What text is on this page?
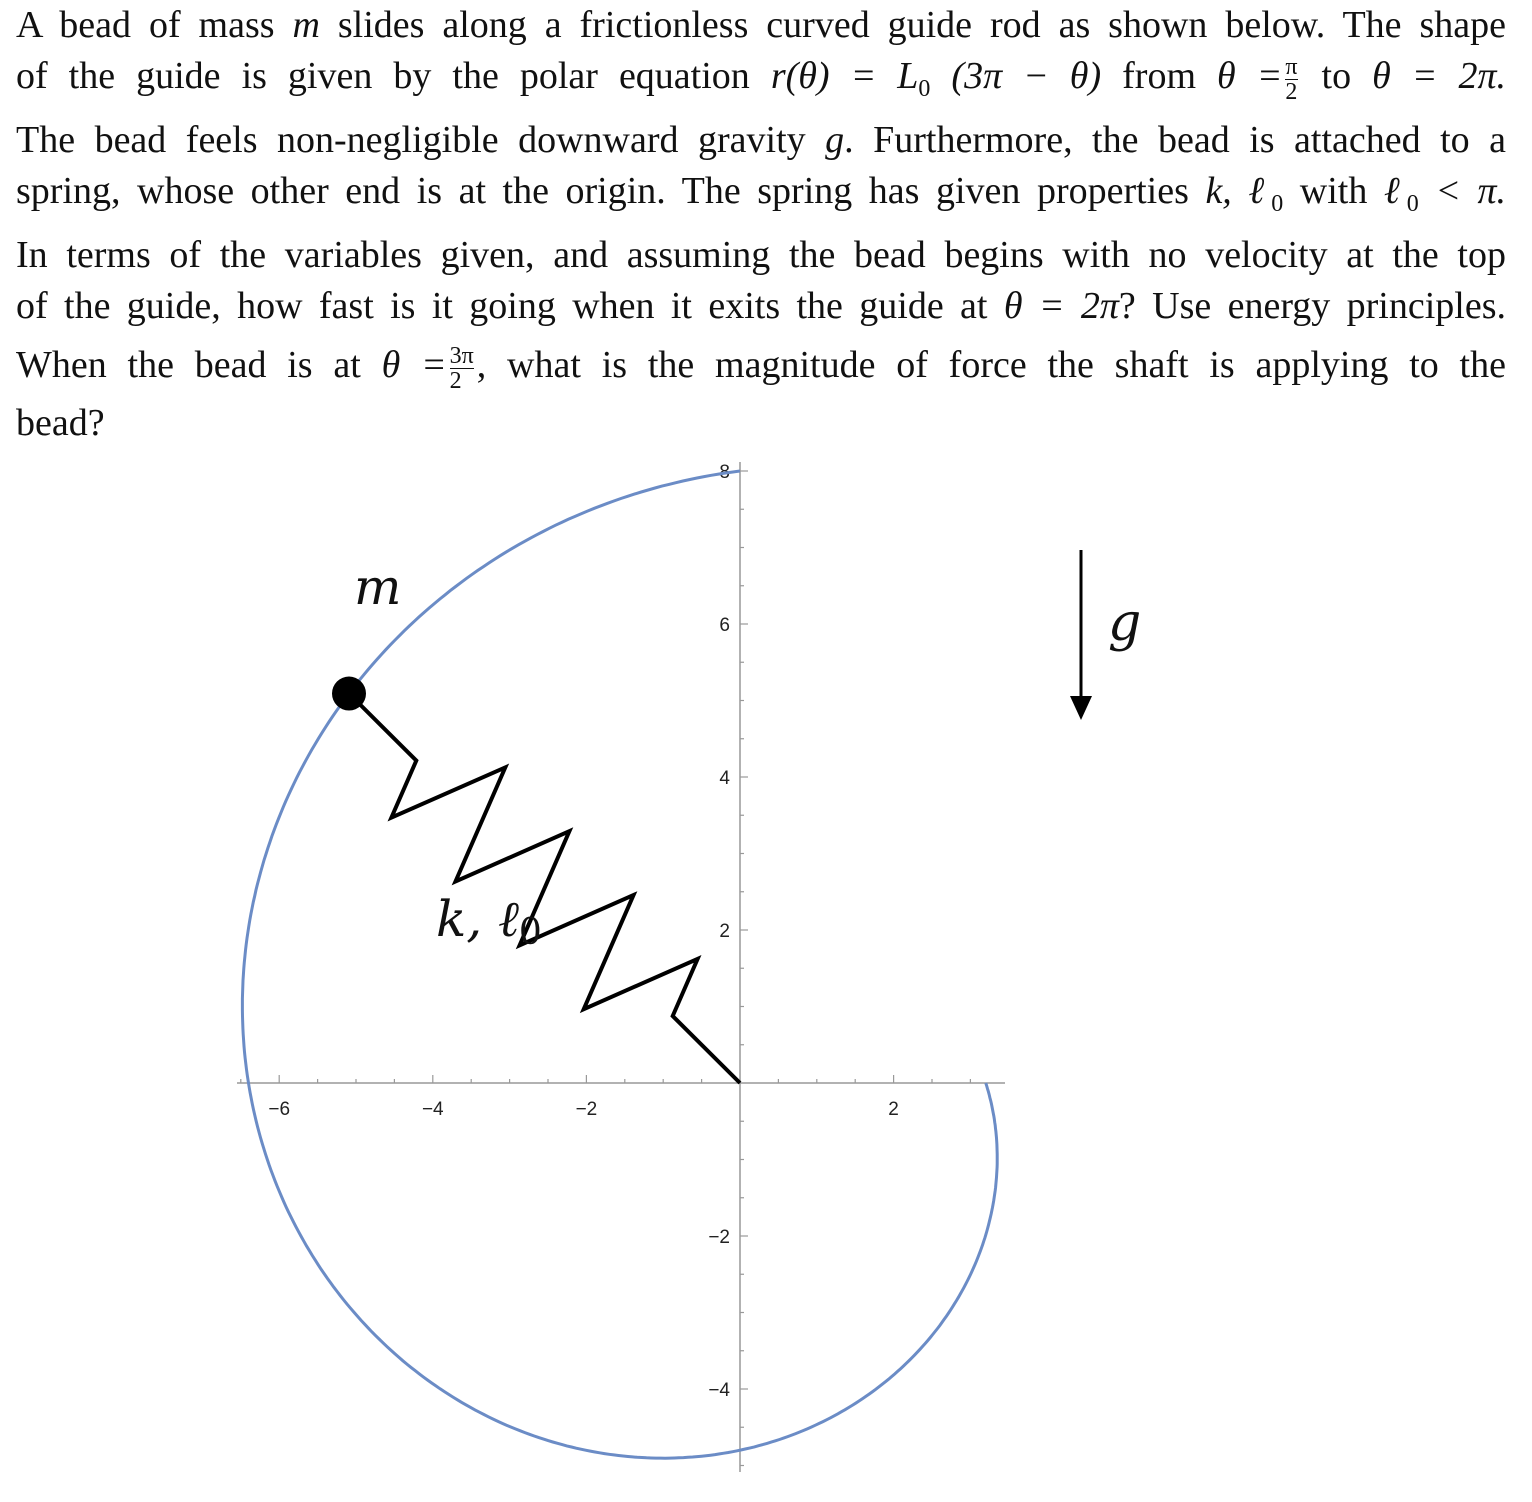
A bead of mass m slides along a frictionless curved guide rod as shown below. The shape
of the guide is given by the polar equation $r(\theta) = L_0$ (3π − θ) from $\theta = \frac{\pi}{2}$ to θ = 2π.
The bead feels non-negligible downward gravity g. Furthermore, the bead is attached to a
spring, whose other end is at the origin. The spring has given properties k, ℓ$_0$ with ℓ$_0$ < π.
In terms of the variables given, and assuming the bead begins with no velocity at the top
of the guide, how fast is it going when it exits the guide at θ = 2π? Use energy principles.
When the bead is at $\theta = \frac{3\pi}{2}$ , what is the magnitude of force the shaft is applying to the
bead?
−6	−4	−2	2
8
6
4
2
−2
−4
m
k, ℓ0
g
